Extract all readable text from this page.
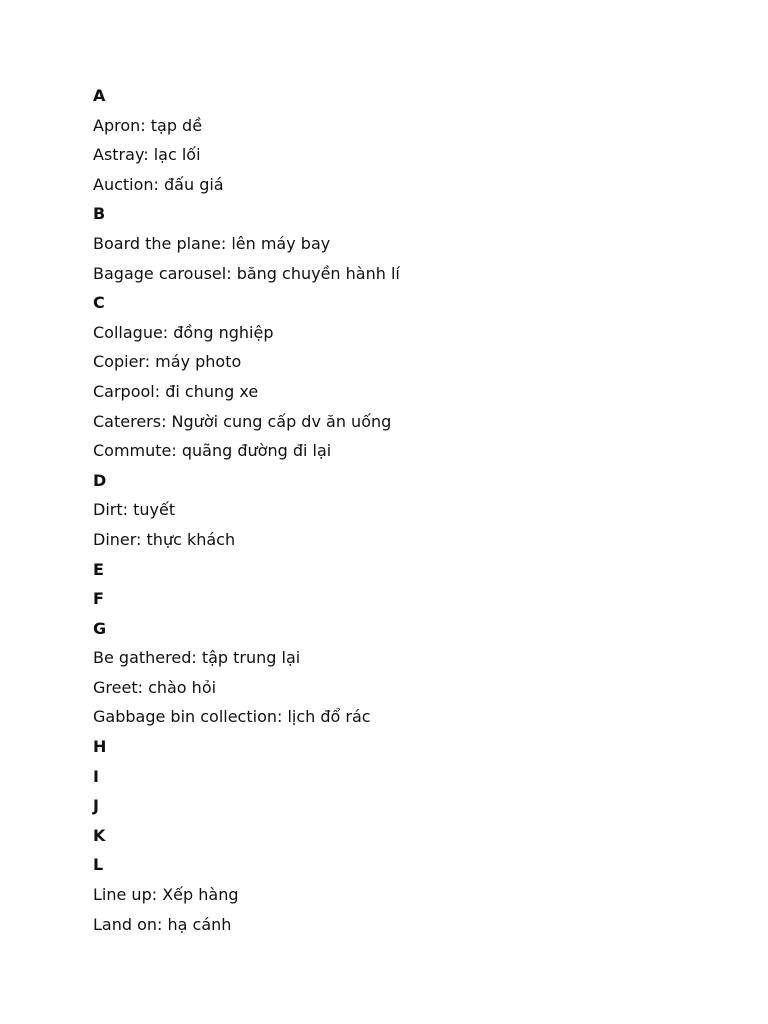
A
Apron: tạp dề
Astray: lạc lối
Auction: đấu giá
B
Board the plane: lên máy bay
Bagage carousel: băng chuyền hành lí
C
Collague: đồng nghiệp
Copier: máy photo
Carpool: đi chung xe
Caterers: Người cung cấp dv ăn uống
Commute: quãng đường đi lại
D
Dirt: tuyết
Diner: thực khách
E
F
G
Be gathered: tập trung lại
Greet: chào hỏi
Gabbage bin collection: lịch đổ rác
H
I
J
K
L
Line up: Xếp hàng
Land on: hạ cánh
